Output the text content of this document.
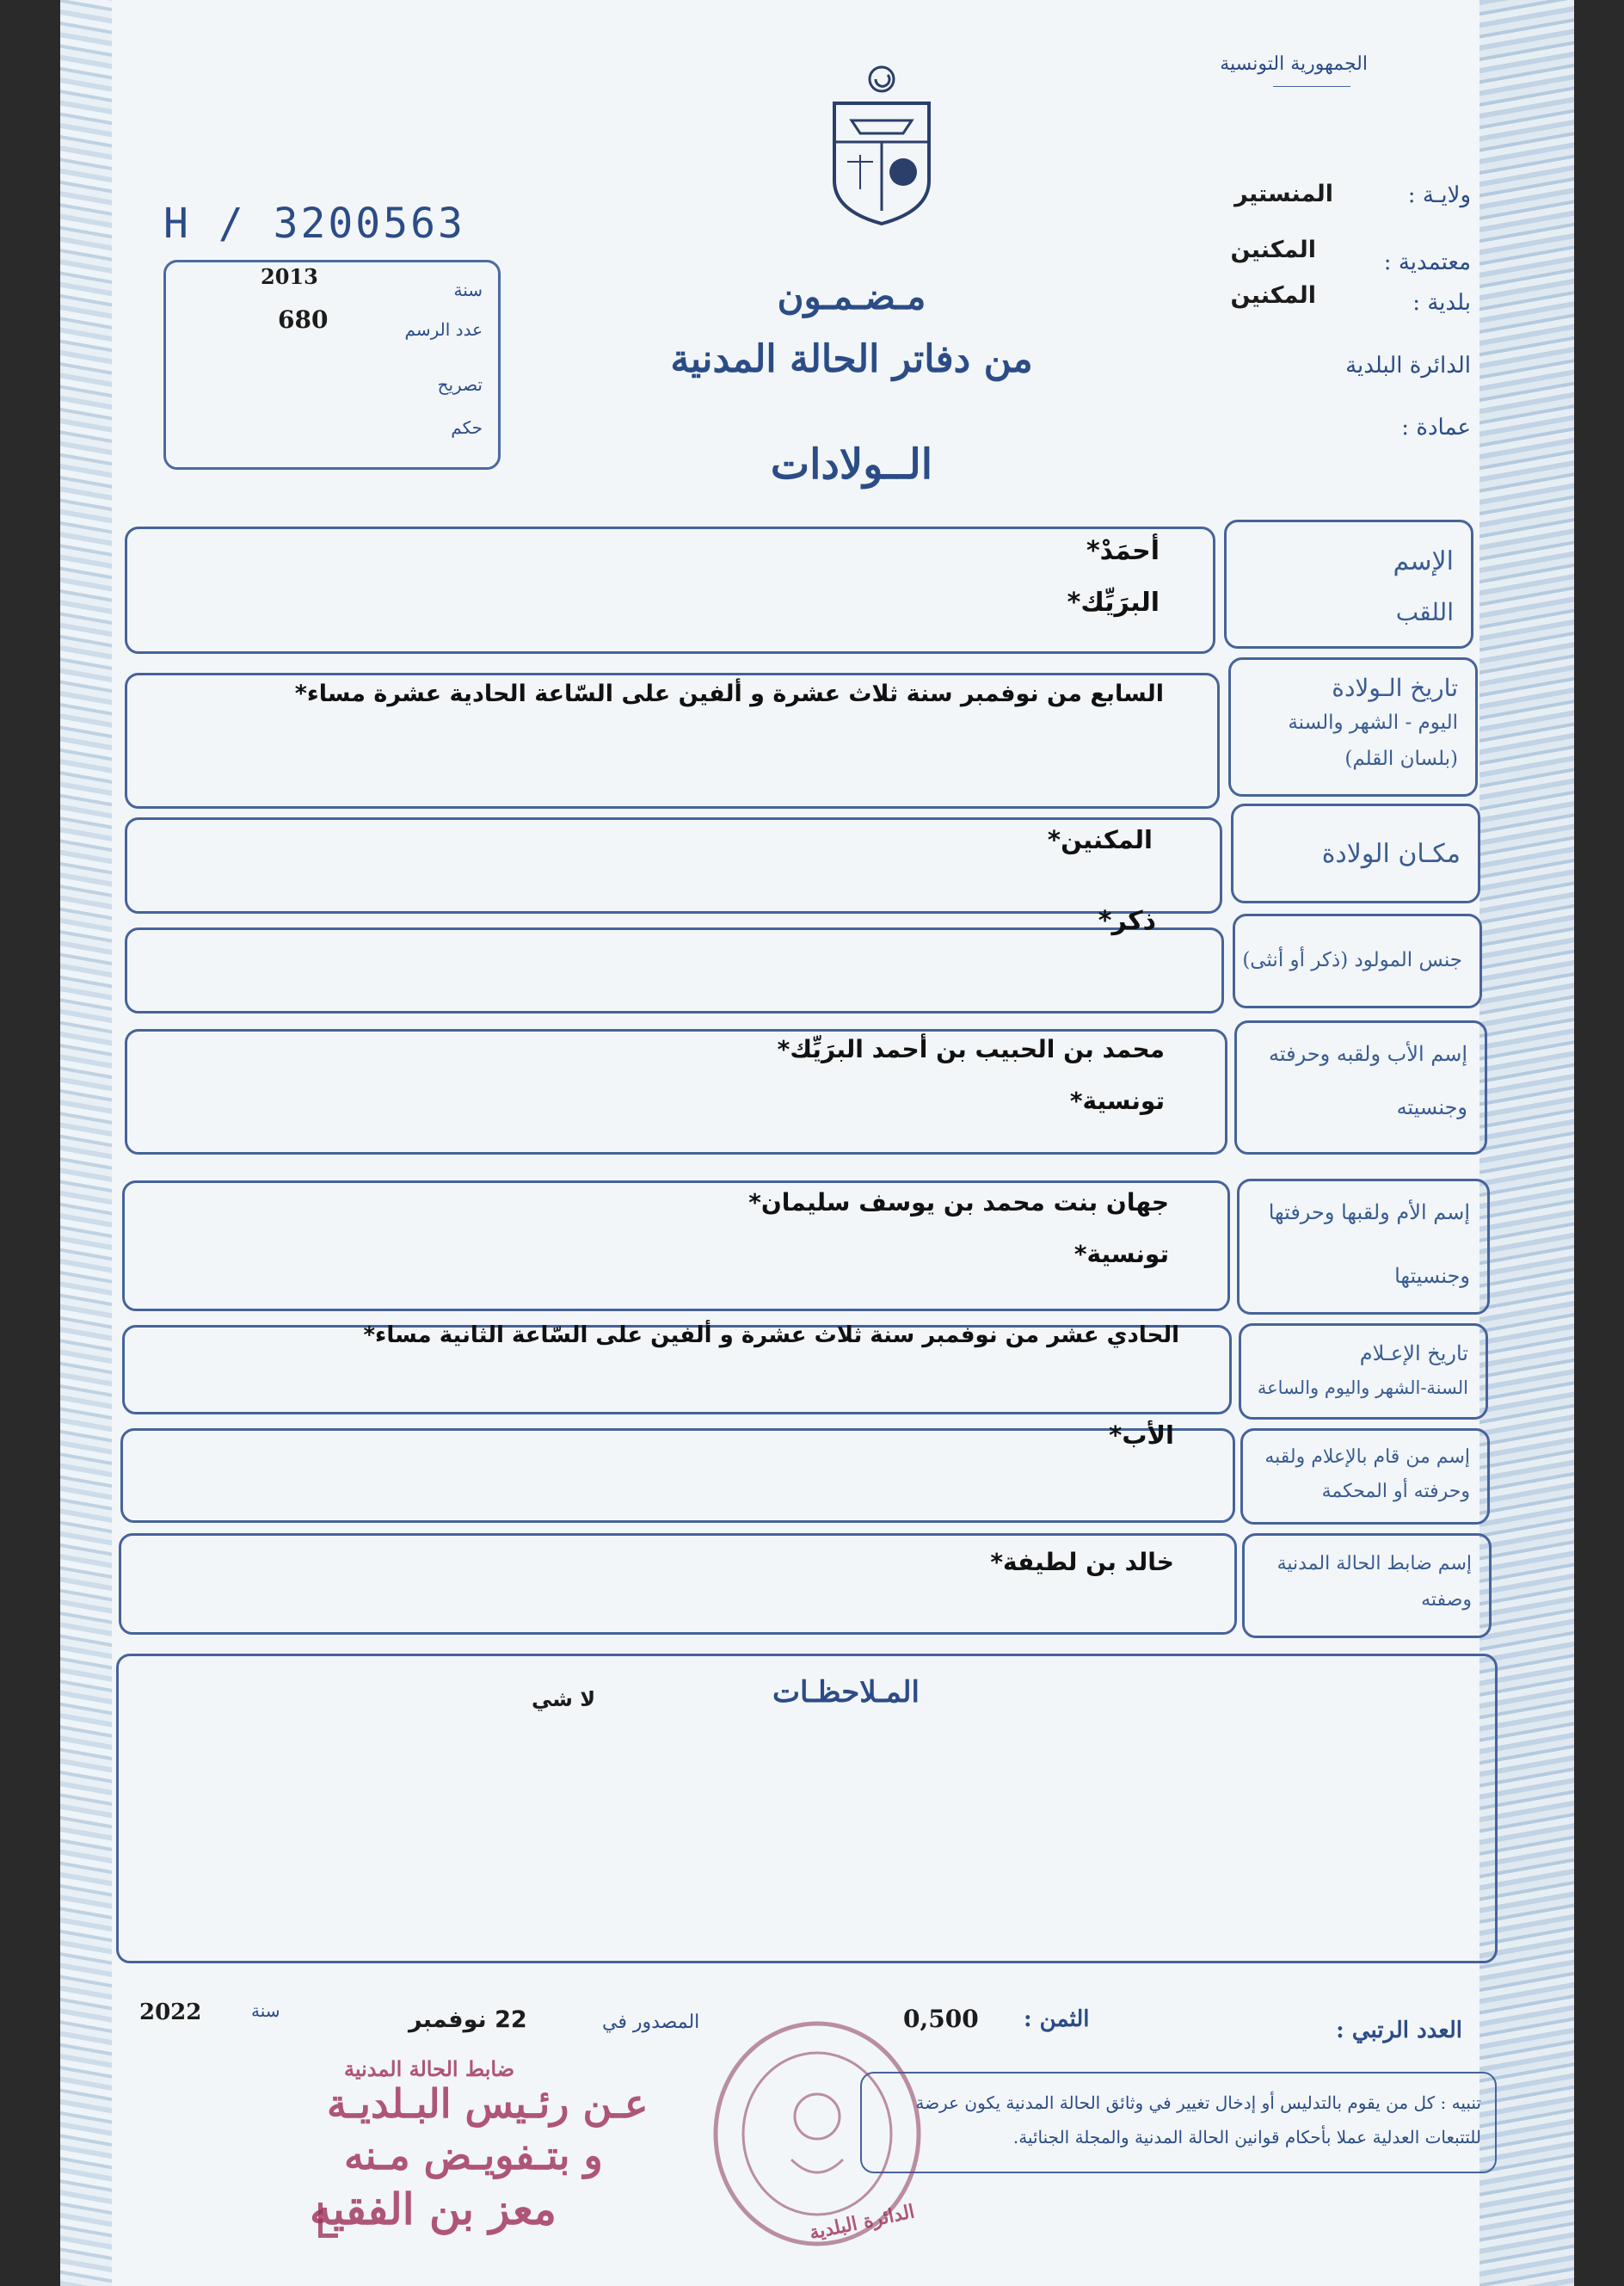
الجمهورية التونسية
H / 3200563
2013
سنة
680	عدد الرسم
تصريح
حكم
مـضـمـون
من دفاتر الحالة المدنية
الــولادات
ولايـة :
المنستير
معتمدية :
المكنين
بلدية :
المكنين
الدائرة البلدية
عمادة :
الإسم
اللقب
أحمَدْ*
البرَيِّك*
تاريخ الـولادة
اليوم - الشهر والسنة
(بلسان القلم)
السابع من نوفمبر سنة ثلاث عشرة و ألفين على السّاعة الحادية عشرة مساء*
مكـان الولادة
المكنين*
جنس المولود (ذكر أو أنثى)
ذكر*
إسم الأب ولقبه وحرفته
وجنسيته
محمد بن الحبيب بن أحمد البرَيِّك*
تونسية*
إسم الأم ولقبها وحرفتها
وجنسيتها
جهان بنت محمد بن يوسف سليمان*
تونسية*
تاريخ الإعـلام
السنة-الشهر واليوم والساعة
الحادي عشر من نوفمبر سنة ثلاث عشرة و ألفين على السّاعة الثانية مساء*
إسم من قام بالإعلام ولقبه
وحرفته أو المحكمة
الأب*
إسم ضابط الحالة المدنية
وصفته
خالد بن لطيفة*
المـلاحظـات
لا شي
العدد الرتبي :
الثمن :
0,500
المصدور في
22 نوفمبر
سنة
2022
تنبيه : كل من يقوم بالتدليس أو إدخال تغيير في وثائق الحالة المدنية يكون عرضة للتتبعات العدلية عملا بأحكام قوانين الحالة المدنية والمجلة الجنائية.
الدائرة البلدية
ضابط الحالة المدنية
عـن رئـيس البـلديـة
و بتـفويـض مـنه
معز بن الفقيه
